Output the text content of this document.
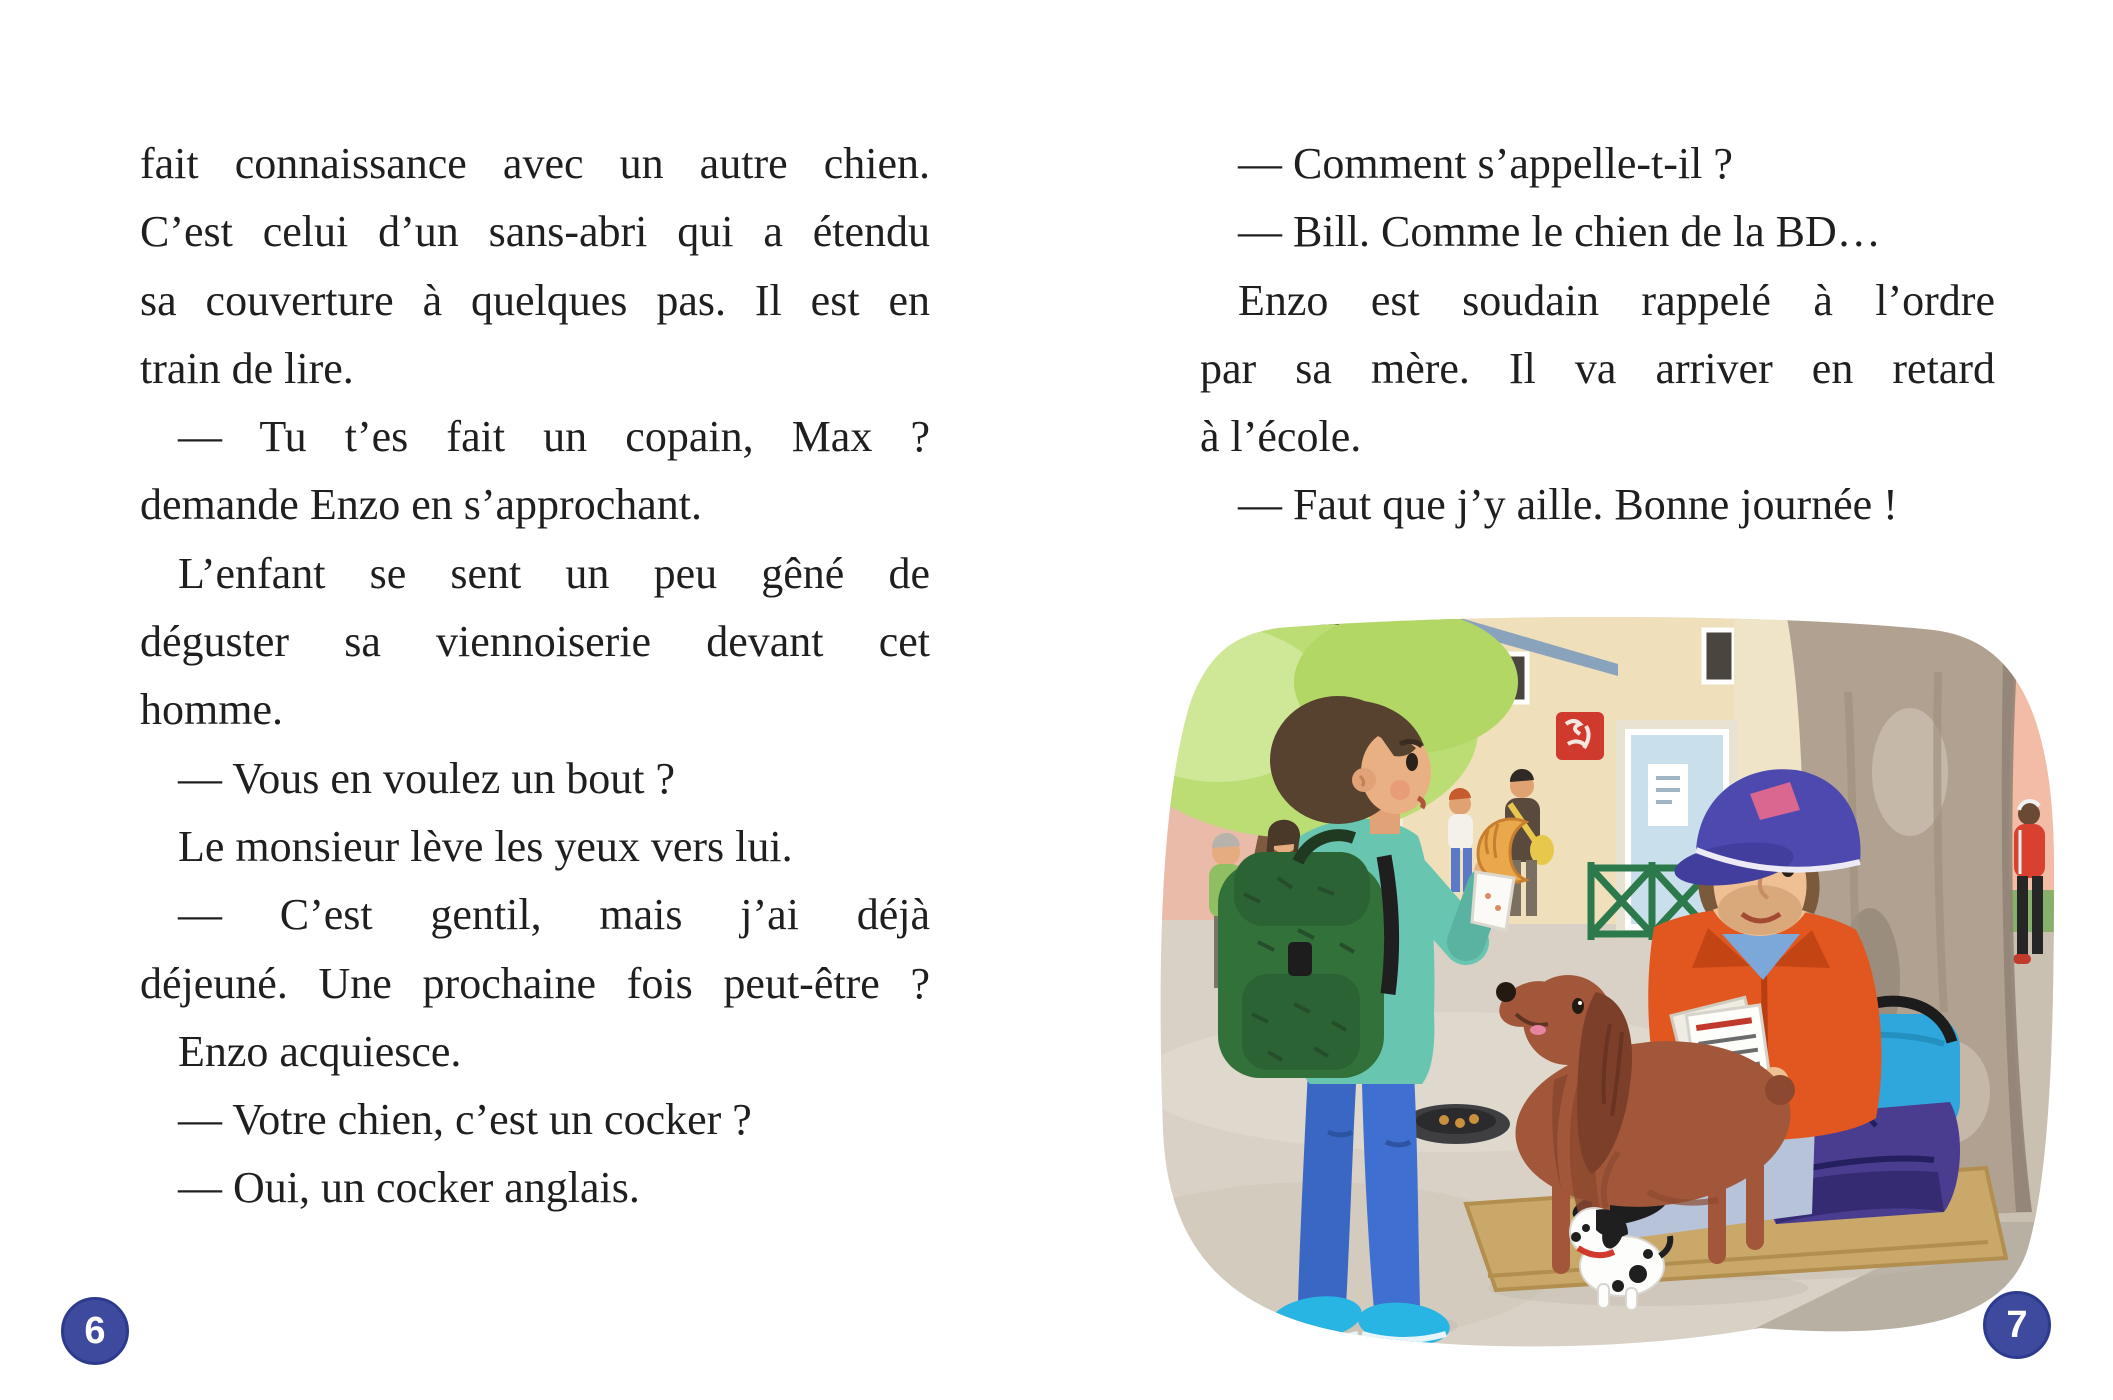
fait connaissance avec un autre chien.
C’est celui d’un sans-abri qui a étendu
sa couverture à quelques pas. Il est en
train de lire.
— Tu t’es fait un copain, Max ?
demande Enzo en s’approchant.
L’enfant se sent un peu gêné de
déguster sa viennoiserie devant cet
homme.
— Vous en voulez un bout ?
Le monsieur lève les yeux vers lui.
— C’est gentil, mais j’ai déjà
déjeuné. Une prochaine fois peut-être ?
Enzo acquiesce.
— Votre chien, c’est un cocker ?
— Oui, un cocker anglais.
— Comment s’appelle-t-il ?
— Bill. Comme le chien de la BD…
Enzo est soudain rappelé à l’ordre
par sa mère. Il va arriver en retard
à l’école.
— Faut que j’y aille. Bonne journée !
6	7
